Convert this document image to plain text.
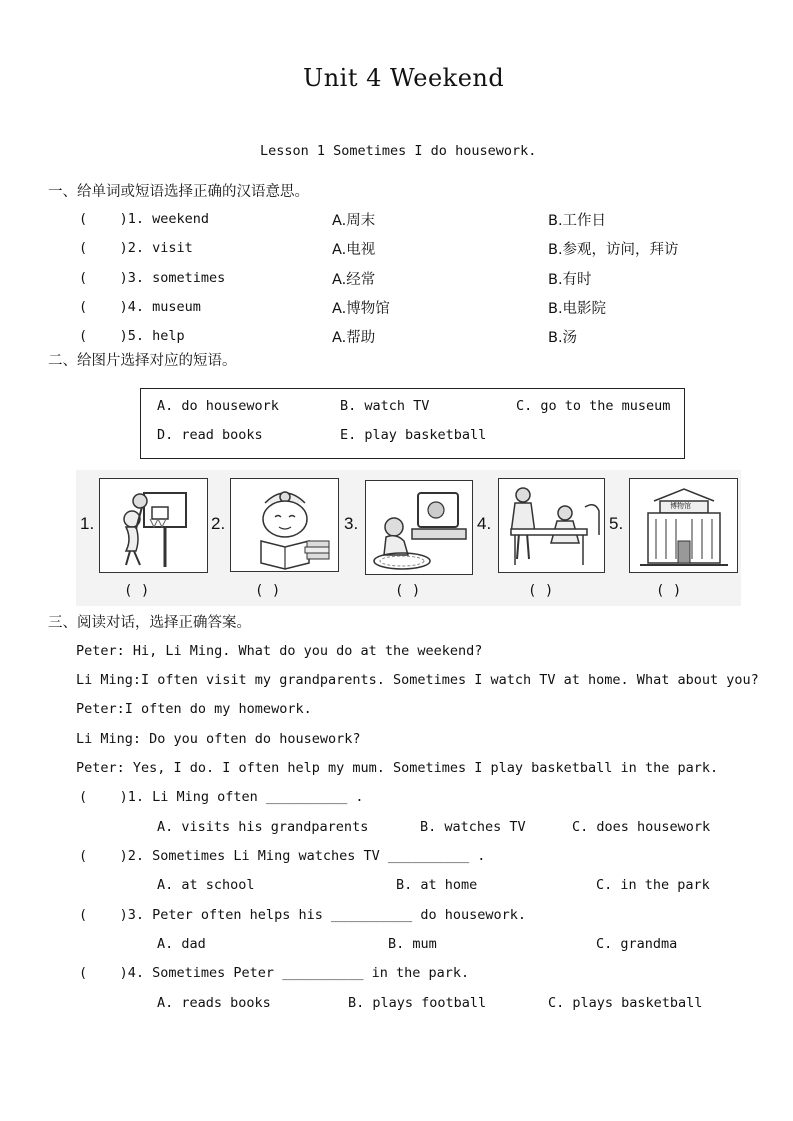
Unit 4 Weekend
Lesson 1 Sometimes I do housework.
一、给单词或短语选择正确的汉语意思。
(    )1. weekend	A.周末	B.工作日
(    )2. visit	A.电视	B.参观，访问，拜访
(    )3. sometimes	A.经常	B.有时
(    )4. museum	A.博物馆	B.电影院
(    )5. help	A.帮助	B.汤
二、给图片选择对应的短语。
A. do housework	B. watch TV	C. go to the museum
D. read books	E. play basketball
1.
( )
2.
( )
3.
( )
4.
( )
5.
博物馆
( )
三、阅读对话，选择正确答案。
Peter: Hi, Li Ming. What do you do at the weekend?
Li Ming:I often visit my grandparents. Sometimes I watch TV at home. What about you?
Peter:I often do my homework.
Li Ming: Do you often do housework?
Peter: Yes, I do. I often help my mum. Sometimes I play basketball in the park.
(    )1. Li Ming often __________ .
A. visits his grandparents	B. watches TV	C. does housework
(    )2. Sometimes Li Ming watches TV __________ .
A. at school	B. at home	C. in the park
(    )3. Peter often helps his __________ do housework.
A. dad	B. mum	C. grandma
(    )4. Sometimes Peter __________ in the park.
A. reads books	B. plays football	C. plays basketball
